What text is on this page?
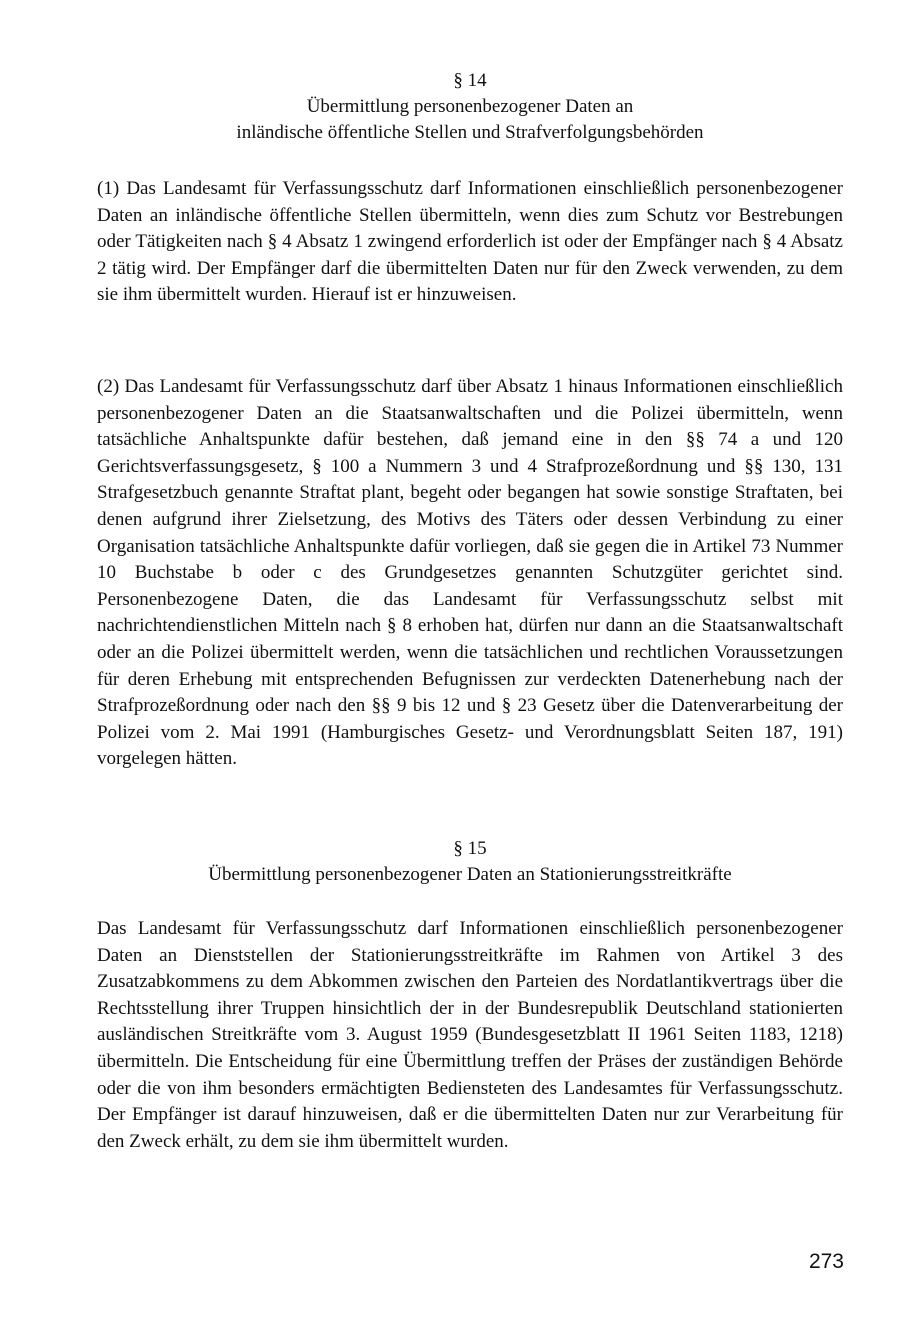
§ 14
Übermittlung personenbezogener Daten an
inländische öffentliche Stellen und Strafverfolgungsbehörden
(1) Das Landesamt für Verfassungsschutz darf Informationen einschließlich personenbezogener Daten an inländische öffentliche Stellen übermitteln, wenn dies zum Schutz vor Bestrebungen oder Tätigkeiten nach § 4 Absatz 1 zwingend erforderlich ist oder der Empfänger nach § 4 Absatz 2 tätig wird. Der Empfänger darf die übermittelten Daten nur für den Zweck verwenden, zu dem sie ihm übermittelt wurden. Hierauf ist er hinzuweisen.
(2) Das Landesamt für Verfassungsschutz darf über Absatz 1 hinaus Informationen einschließlich personenbezogener Daten an die Staatsanwaltschaften und die Polizei übermitteln, wenn tatsächliche Anhaltspunkte dafür bestehen, daß jemand eine in den §§ 74 a und 120 Gerichtsverfassungsgesetz, § 100 a Nummern 3 und 4 Strafprozeßordnung und §§ 130, 131 Strafgesetzbuch genannte Straftat plant, begeht oder begangen hat sowie sonstige Straftaten, bei denen aufgrund ihrer Zielsetzung, des Motivs des Täters oder dessen Verbindung zu einer Organisation tatsächliche Anhaltspunkte dafür vorliegen, daß sie gegen die in Artikel 73 Nummer 10 Buchstabe b oder c des Grundgesetzes genannten Schutzgüter gerichtet sind. Personenbezogene Daten, die das Landesamt für Verfassungsschutz selbst mit nachrichtendienstlichen Mitteln nach § 8 erhoben hat, dürfen nur dann an die Staatsanwaltschaft oder an die Polizei übermittelt werden, wenn die tatsächlichen und rechtlichen Voraussetzungen für deren Erhebung mit entsprechenden Befugnissen zur verdeckten Datenerhebung nach der Strafprozeßordnung oder nach den §§ 9 bis 12 und § 23 Gesetz über die Datenverarbeitung der Polizei vom 2. Mai 1991 (Hamburgisches Gesetz- und Verordnungsblatt Seiten 187, 191) vorgelegen hätten.
§ 15
Übermittlung personenbezogener Daten an Stationierungsstreitkräfte
Das Landesamt für Verfassungsschutz darf Informationen einschließlich personenbezogener Daten an Dienststellen der Stationierungsstreitkräfte im Rahmen von Artikel 3 des Zusatzabkommens zu dem Abkommen zwischen den Parteien des Nordatlantikvertrags über die Rechtsstellung ihrer Truppen hinsichtlich der in der Bundesrepublik Deutschland stationierten ausländischen Streitkräfte vom 3. August 1959 (Bundesgesetzblatt II 1961 Seiten 1183, 1218) übermitteln. Die Entscheidung für eine Übermittlung treffen der Präses der zuständigen Behörde oder die von ihm besonders ermächtigten Bediensteten des Landesamtes für Verfassungsschutz. Der Empfänger ist darauf hinzuweisen, daß er die übermittelten Daten nur zur Verarbeitung für den Zweck erhält, zu dem sie ihm übermittelt wurden.
273
